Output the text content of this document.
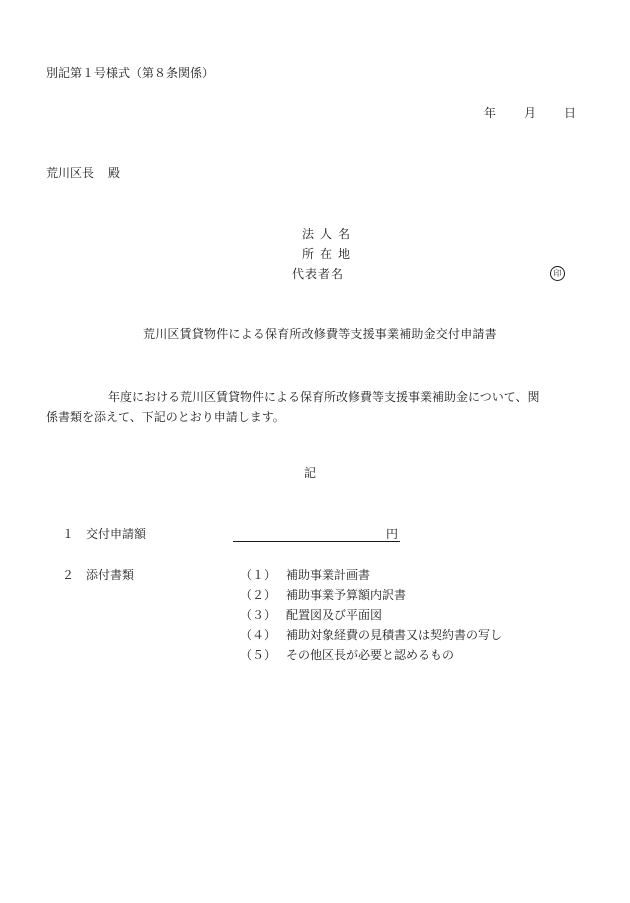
別記第１号様式（第８条関係）
年 月 日
荒川区長 殿
法人名
所在地
代表者名	印
荒川区賃貸物件による保育所改修費等支援事業補助金交付申請書
年度における荒川区賃貸物件による保育所改修費等支援事業補助金について、関
係書類を添えて、下記のとおり申請します。
記
１ 交付申請額	円
２ 添付書類	（１） 補助事業計画書
（２） 補助事業予算額内訳書
（３） 配置図及び平面図
（４） 補助対象経費の見積書又は契約書の写し
（５） その他区長が必要と認めるもの
